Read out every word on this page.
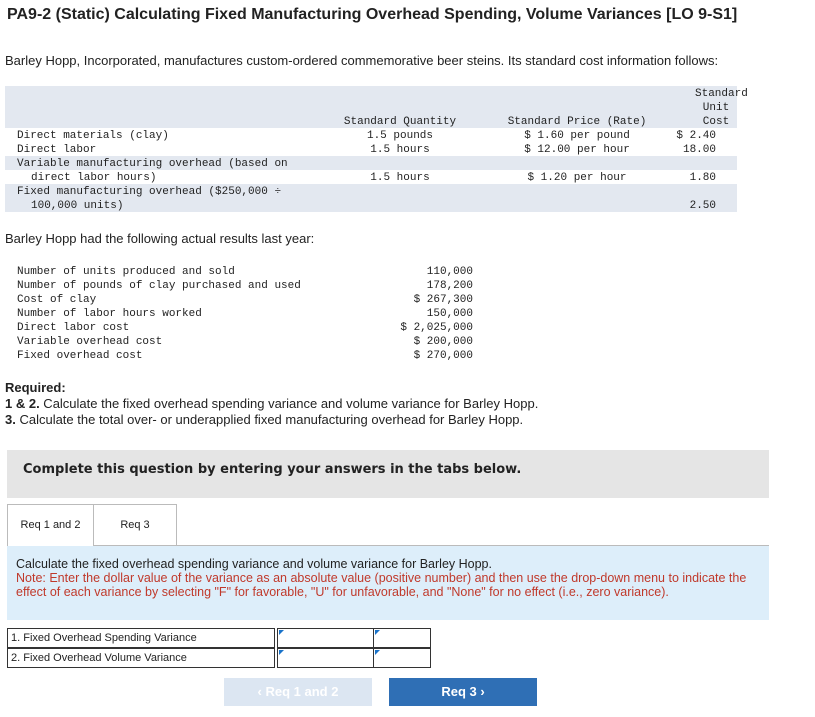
PA9-2 (Static) Calculating Fixed Manufacturing Overhead Spending, Volume Variances [LO 9-S1]
Barley Hopp, Incorporated, manufactures custom-ordered commemorative beer steins. Its standard cost information follows:
Standard
Unit
Cost
Standard Quantity	Standard Price (Rate)
Direct materials (clay)	1.5 pounds	$ 1.60 per pound	$ 2.40
Direct labor	1.5 hours	$ 12.00 per hour	18.00
Variable manufacturing overhead (based on
direct labor hours)	1.5 hours	$ 1.20 per hour	1.80
Fixed manufacturing overhead ($250,000 ÷
100,000 units)	2.50
Barley Hopp had the following actual results last year:
Number of units produced and sold	110,000
Number of pounds of clay purchased and used	178,200
Cost of clay	$ 267,300
Number of labor hours worked	150,000
Direct labor cost	$ 2,025,000
Variable overhead cost	$ 200,000
Fixed overhead cost	$ 270,000
Required:
1 & 2. Calculate the fixed overhead spending variance and volume variance for Barley Hopp.
3. Calculate the total over- or underapplied fixed manufacturing overhead for Barley Hopp.
Complete this question by entering your answers in the tabs below.
Req 1 and 2	Req 3
Calculate the fixed overhead spending variance and volume variance for Barley Hopp.
Note: Enter the dollar value of the variance as an absolute value (positive number) and then use the drop-down menu to indicate the effect of each variance by selecting "F" for favorable, "U" for unfavorable, and "None" for no effect (i.e., zero variance).
1. Fixed Overhead Spending Variance
2. Fixed Overhead Volume Variance
‹ Req 1 and 2	Req 3 ›
